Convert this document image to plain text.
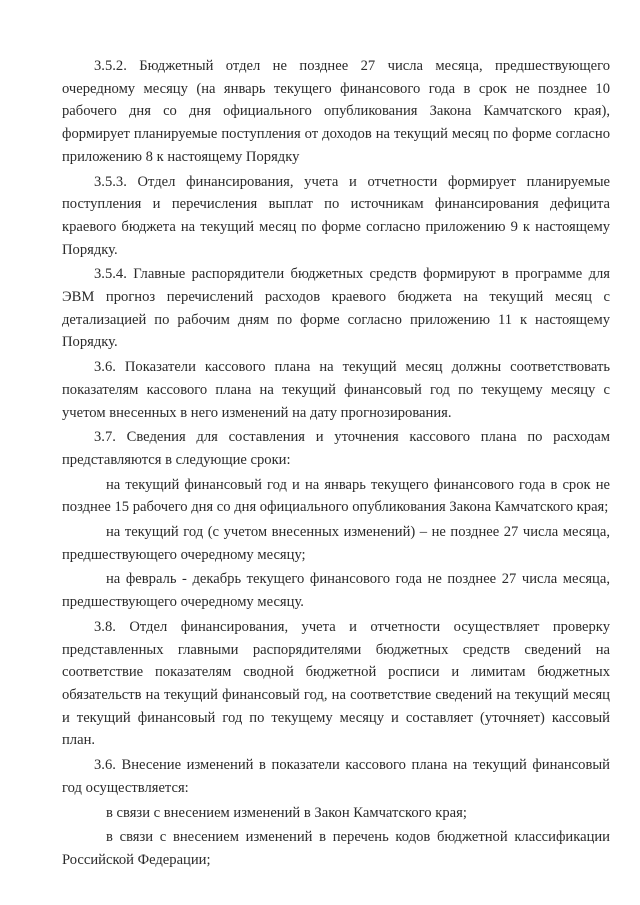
3.5.2. Бюджетный отдел не позднее 27 числа месяца, предшествующего очередному месяцу (на январь текущего финансового года в срок не позднее 10 рабочего дня со дня официального опубликования Закона Камчатского края), формирует планируемые поступления от доходов на текущий месяц по форме согласно приложению 8 к настоящему Порядку

3.5.3. Отдел финансирования, учета и отчетности формирует планируемые поступления и перечисления выплат по источникам финансирования дефицита краевого бюджета на текущий месяц по форме согласно приложению 9 к настоящему Порядку.

3.5.4. Главные распорядители бюджетных средств формируют в программе для ЭВМ прогноз перечислений расходов краевого бюджета на текущий месяц с детализацией по рабочим дням по форме согласно приложению 11 к настоящему Порядку.

3.6. Показатели кассового плана на текущий месяц должны соответствовать показателям кассового плана на текущий финансовый год по текущему месяцу с учетом внесенных в него изменений на дату прогнозирования.

3.7. Сведения для составления и уточнения кассового плана по расходам представляются в следующие сроки:

на текущий финансовый год и на январь текущего финансового года в срок не позднее 15 рабочего дня со дня официального опубликования Закона Камчатского края;

на текущий год (с учетом внесенных изменений) – не позднее 27 числа месяца, предшествующего очередному месяцу;

на февраль - декабрь текущего финансового года не позднее 27 числа месяца, предшествующего очередному месяцу.

3.8. Отдел финансирования, учета и отчетности осуществляет проверку представленных главными распорядителями бюджетных средств сведений на соответствие показателям сводной бюджетной росписи и лимитам бюджетных обязательств на текущий финансовый год, на соответствие сведений на текущий месяц и текущий финансовый год по текущему месяцу и составляет (уточняет) кассовый план.

3.6. Внесение изменений в показатели кассового плана на текущий финансовый год осуществляется:

в связи с внесением изменений в Закон Камчатского края;

в связи с внесением изменений в перечень кодов бюджетной классификации Российской Федерации;
